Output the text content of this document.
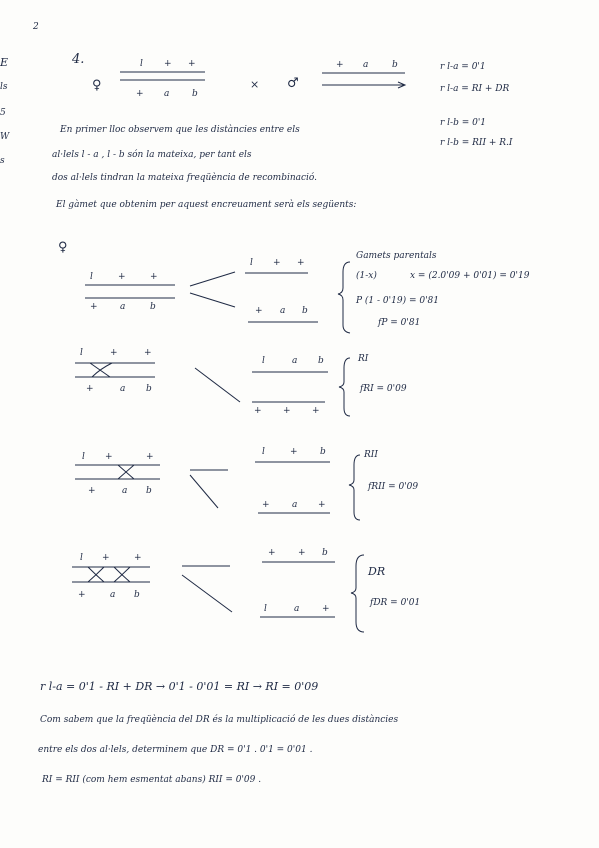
2
E
ls
5
W
s
4.
♀
l + +
+ a	b
× ♂
+ a	b	r l-a = 0'1
r l-a = RI + DR
r l-b = 0'1
r l-b = RII + R.I
En primer lloc observem que les distàncies entre els
al·lels l - a , l - b són la mateixa, per tant els
dos al·lels tindran la mateixa freqüència de recombinació.
El gàmet que obtenim per aquest encreuament serà els següents:
♀
l	+	+
+ a	b
l + +
+ a b
Gamets parentals
(1-x)	x = (2.0'09 + 0'01) = 0'19
P (1 - 0'19) = 0'81
fP = 0'81
l	+	+
+	a b
l	a b
+ + +
RI
fRI = 0'09
l +	+
+	a b
l	+ b
+ a +
RII
fRII = 0'09
l +	+
+	a b
+ + b
l	a	+
DR
fDR = 0'01
r l-a = 0'1 - RI + DR → 0'1 - 0'01 = RI → RI = 0'09
Com sabem que la freqüència del DR és la multiplicació de les dues distàncies
entre els dos al·lels, determinem que DR = 0'1 . 0'1 = 0'01 .
RI = RII (com hem esmentat abans) RII = 0'09 .
